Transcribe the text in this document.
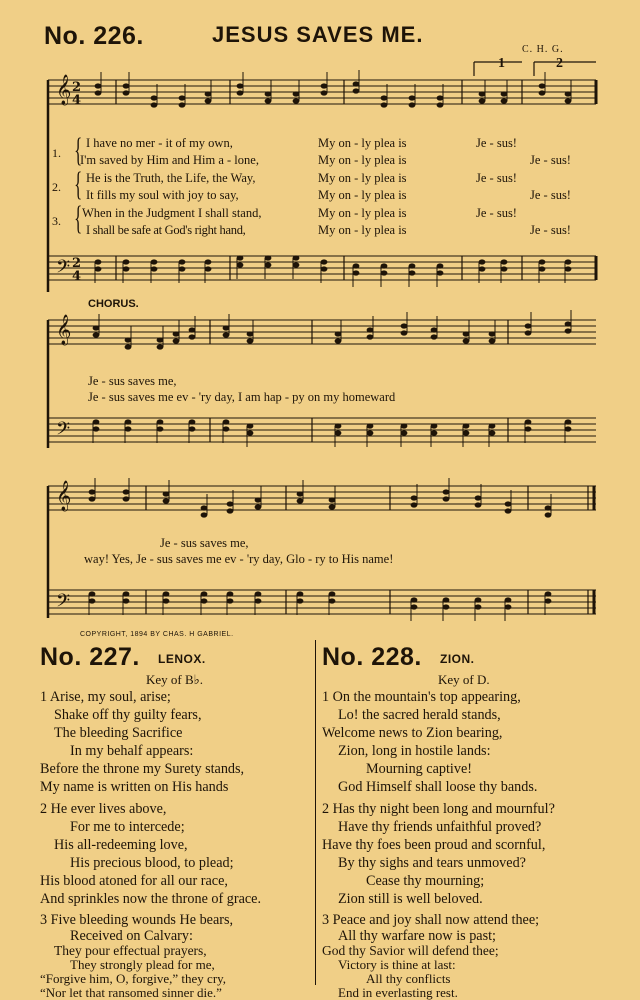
No. 226.	JESUS SAVES ME.
C. H. G.
𝄞 2
4
𝄢 2
4
𝄞
𝄢
𝄞
𝄢
1	2
1.
2.
3.
{
{
{
I have no mer - it of my own,	My on - ly plea is	Je - sus!
I'm saved by Him and Him a - lone,	My on - ly plea is	Je - sus!
He is the Truth, the Life, the Way,	My on - ly plea is	Je - sus!
It fills my soul with joy to say,	My on - ly plea is	Je - sus!
When in the Judgment I shall stand,	My on - ly plea is	Je - sus!
I shall be safe at God's right hand,	My on - ly plea is	Je - sus!
CHORUS.
Je - sus saves me,
Je - sus saves me ev - 'ry day, I am hap - py on my homeward
Je - sus saves me,
way! Yes, Je - sus saves me ev - 'ry day, Glo - ry to His name!
COPYRIGHT, 1894 BY CHAS. H GABRIEL.
No. 227. LENOX.
Key of B♭.
1 Arise, my soul, arise;
Shake off thy guilty fears,
The bleeding Sacrifice
In my behalf appears:
Before the throne my Surety stands,
My name is written on His hands
2 He ever lives above,
For me to intercede;
His all-redeeming love,
His precious blood, to plead;
His blood atoned for all our race,
And sprinkles now the throne of grace.
3 Five bleeding wounds He bears,
Received on Calvary:
They pour effectual prayers,
They strongly plead for me,
“Forgive him, O, forgive,” they cry,
No. 228. ZION.
Key of D.
1 On the mountain's top appearing,
Lo! the sacred herald stands,
Welcome news to Zion bearing,
Zion, long in hostile lands:
Mourning captive!
God Himself shall loose thy bands.
2 Has thy night been long and mournful?
Have thy friends unfaithful proved?
Have thy foes been proud and scornful,
By thy sighs and tears unmoved?
Cease thy mourning;
Zion still is well beloved.
3 Peace and joy shall now attend thee;
All thy warfare now is past;
God thy Savior will defend thee;
Victory is thine at last:
All thy conflicts
“Nor let that ransomed sinner die.”	End in everlasting rest.
